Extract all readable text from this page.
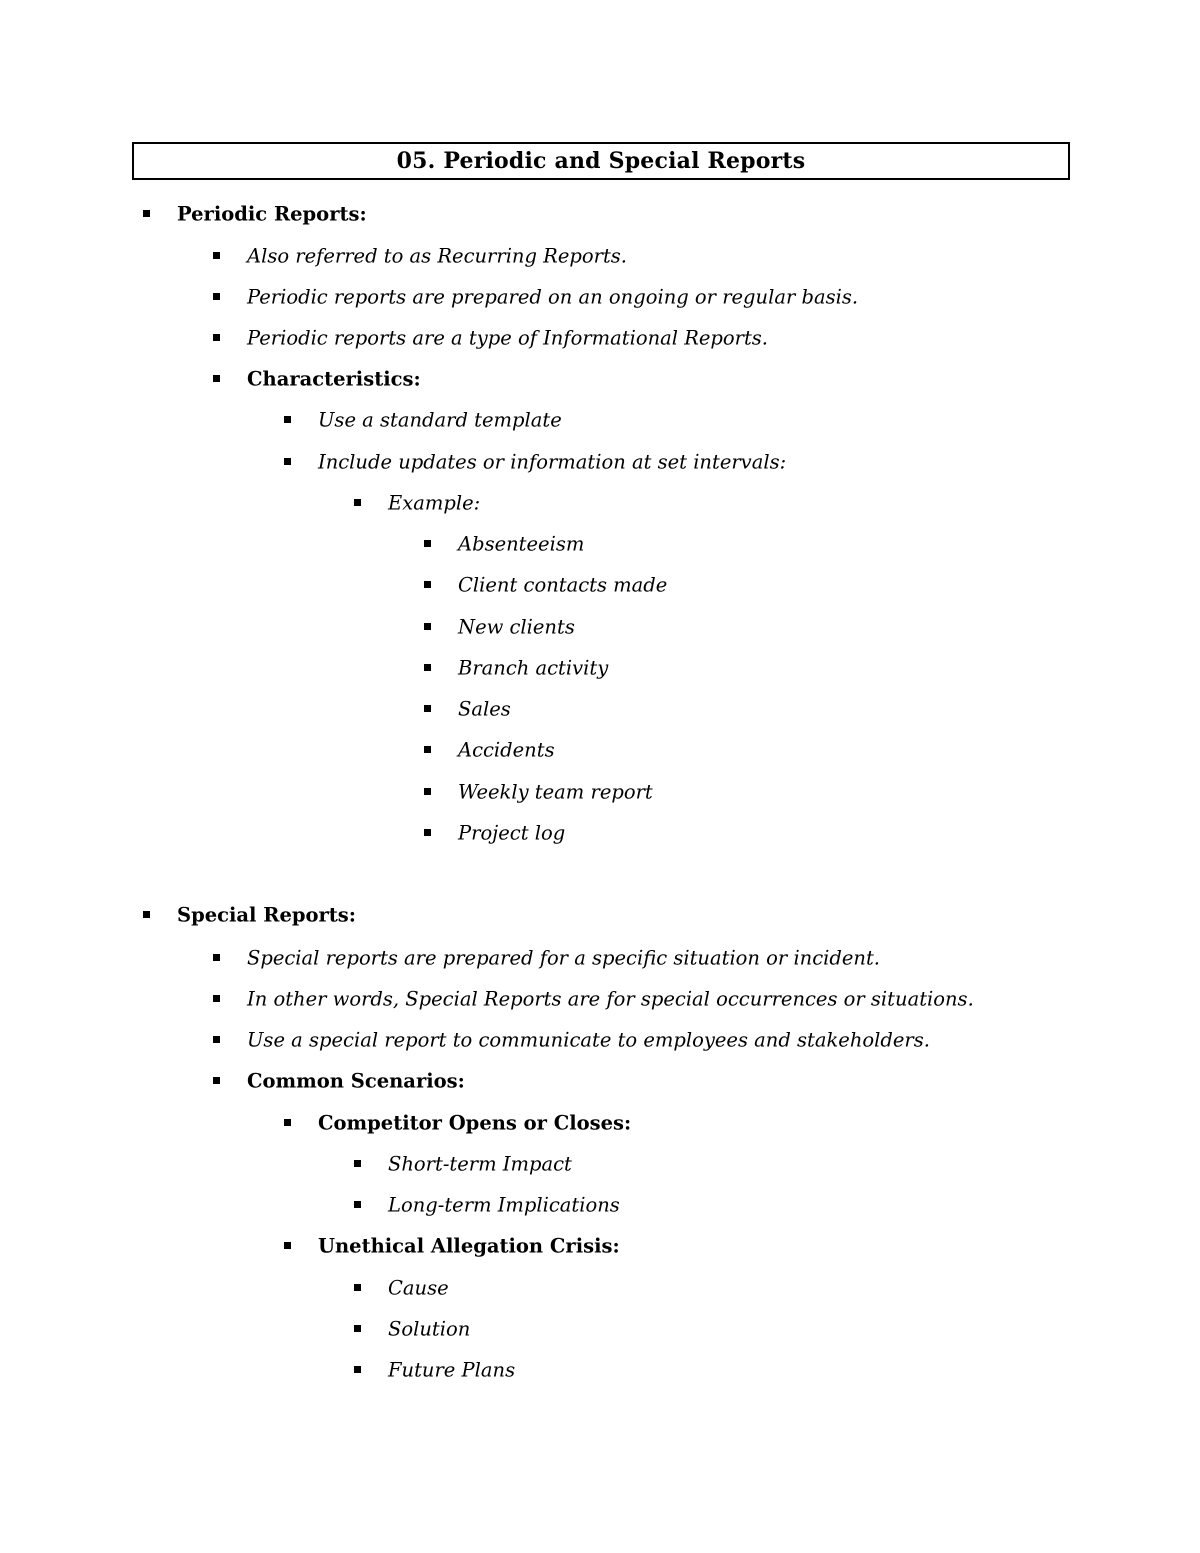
05. Periodic and Special Reports
Periodic Reports:
Also referred to as Recurring Reports.
Periodic reports are prepared on an ongoing or regular basis.
Periodic reports are a type of Informational Reports.
Characteristics:
Use a standard template
Include updates or information at set intervals:
Example:
Absenteeism
Client contacts made
New clients
Branch activity
Sales
Accidents
Weekly team report
Project log
Special Reports:
Special reports are prepared for a specific situation or incident.
In other words, Special Reports are for special occurrences or situations.
Use a special report to communicate to employees and stakeholders.
Common Scenarios:
Competitor Opens or Closes:
Short-term Impact
Long-term Implications
Unethical Allegation Crisis:
Cause
Solution
Future Plans
